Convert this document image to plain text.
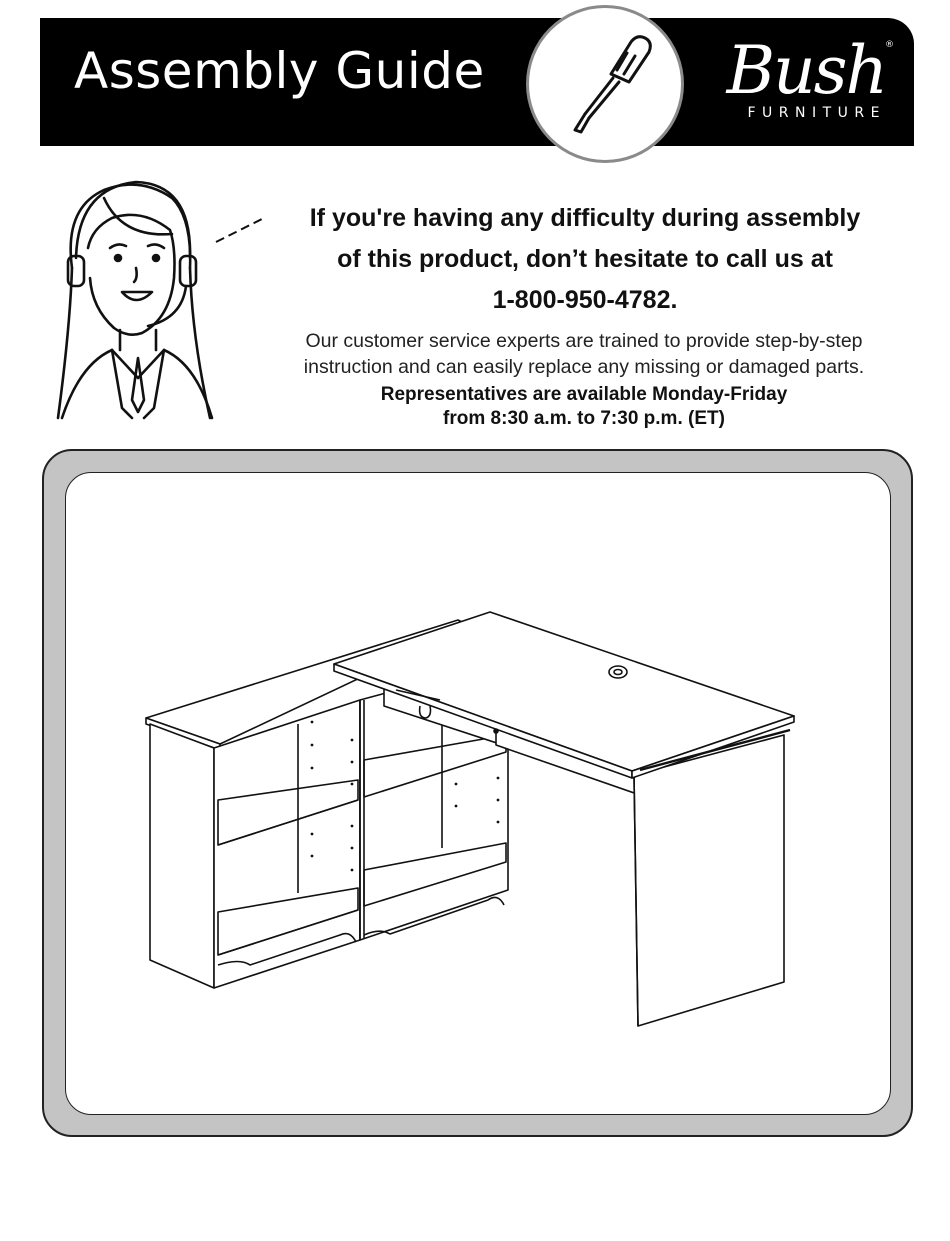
Assembly Guide	Bush ®
FURNITURE
If you're having any difficulty during assembly
of this product, don’t hesitate to call us at
1-800-950-4782.
Our customer service experts are trained to provide step-by-step
instruction and can easily replace any missing or damaged parts.
Representatives are available Monday-Friday
from 8:30 a.m. to 7:30 p.m. (ET)
